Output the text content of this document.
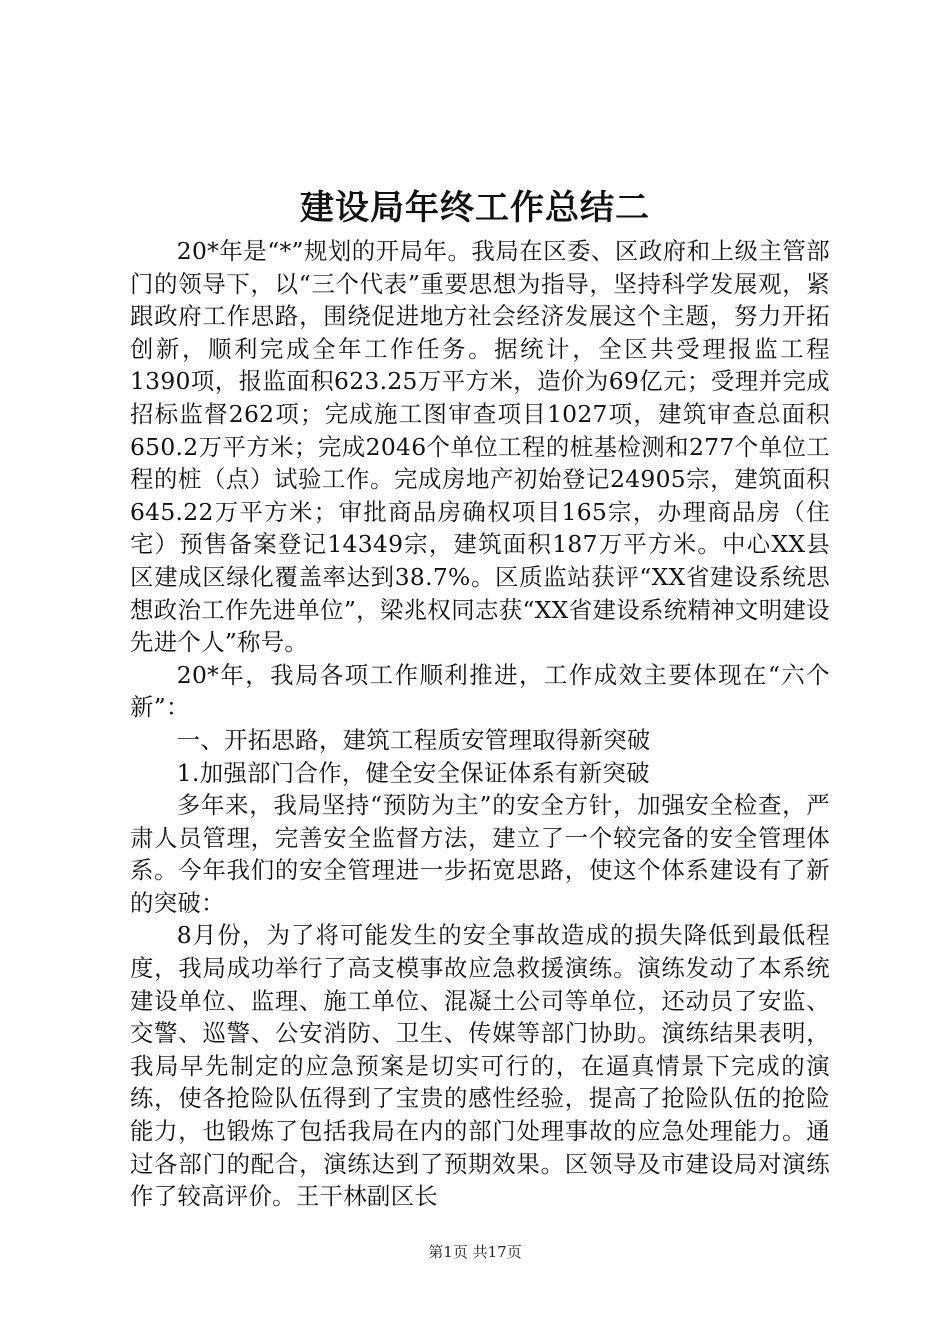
建设局年终工作总结二

20*年是“*”规划的开局年。我局在区委、区政府和上级主管部门的领导下，以“三个代表”重要思想为指导，坚持科学发展观，紧跟政府工作思路，围绕促进地方社会经济发展这个主题，努力开拓创新，顺利完成全年工作任务。据统计，全区共受理报监工程1390项，报监面积623.25万平方米，造价为69亿元；受理并完成招标监督262项；完成施工图审查项目1027项，建筑审查总面积650.2万平方米；完成2046个单位工程的桩基检测和277个单位工程的桩（点）试验工作。完成房地产初始登记24905宗，建筑面积645.22万平方米；审批商品房确权项目165宗，办理商品房（住宅）预售备案登记14349宗，建筑面积187万平方米。中心XX县区建成区绿化覆盖率达到38.7%。区质监站获评“XX省建设系统思想政治工作先进单位”，梁兆权同志获“XX省建设系统精神文明建设先进个人”称号。

20*年，我局各项工作顺利推进，工作成效主要体现在“六个新”：

一、开拓思路，建筑工程质安管理取得新突破

1.加强部门合作，健全安全保证体系有新突破

多年来，我局坚持“预防为主”的安全方针，加强安全检查，严肃人员管理，完善安全监督方法，建立了一个较完备的安全管理体系。今年我们的安全管理进一步拓宽思路，使这个体系建设有了新的突破：

8月份，为了将可能发生的安全事故造成的损失降低到最低程度，我局成功举行了高支模事故应急救援演练。演练发动了本系统建设单位、监理、施工单位、混凝土公司等单位，还动员了安监、交警、巡警、公安消防、卫生、传媒等部门协助。演练结果表明，我局早先制定的应急预案是切实可行的，在逼真情景下完成的演练，使各抢险队伍得到了宝贵的感性经验，提高了抢险队伍的抢险能力，也锻炼了包括我局在内的部门处理事故的应急处理能力。通过各部门的配合，演练达到了预期效果。区领导及市建设局对演练作了较高评价。王干林副区长

第1页 共17页
